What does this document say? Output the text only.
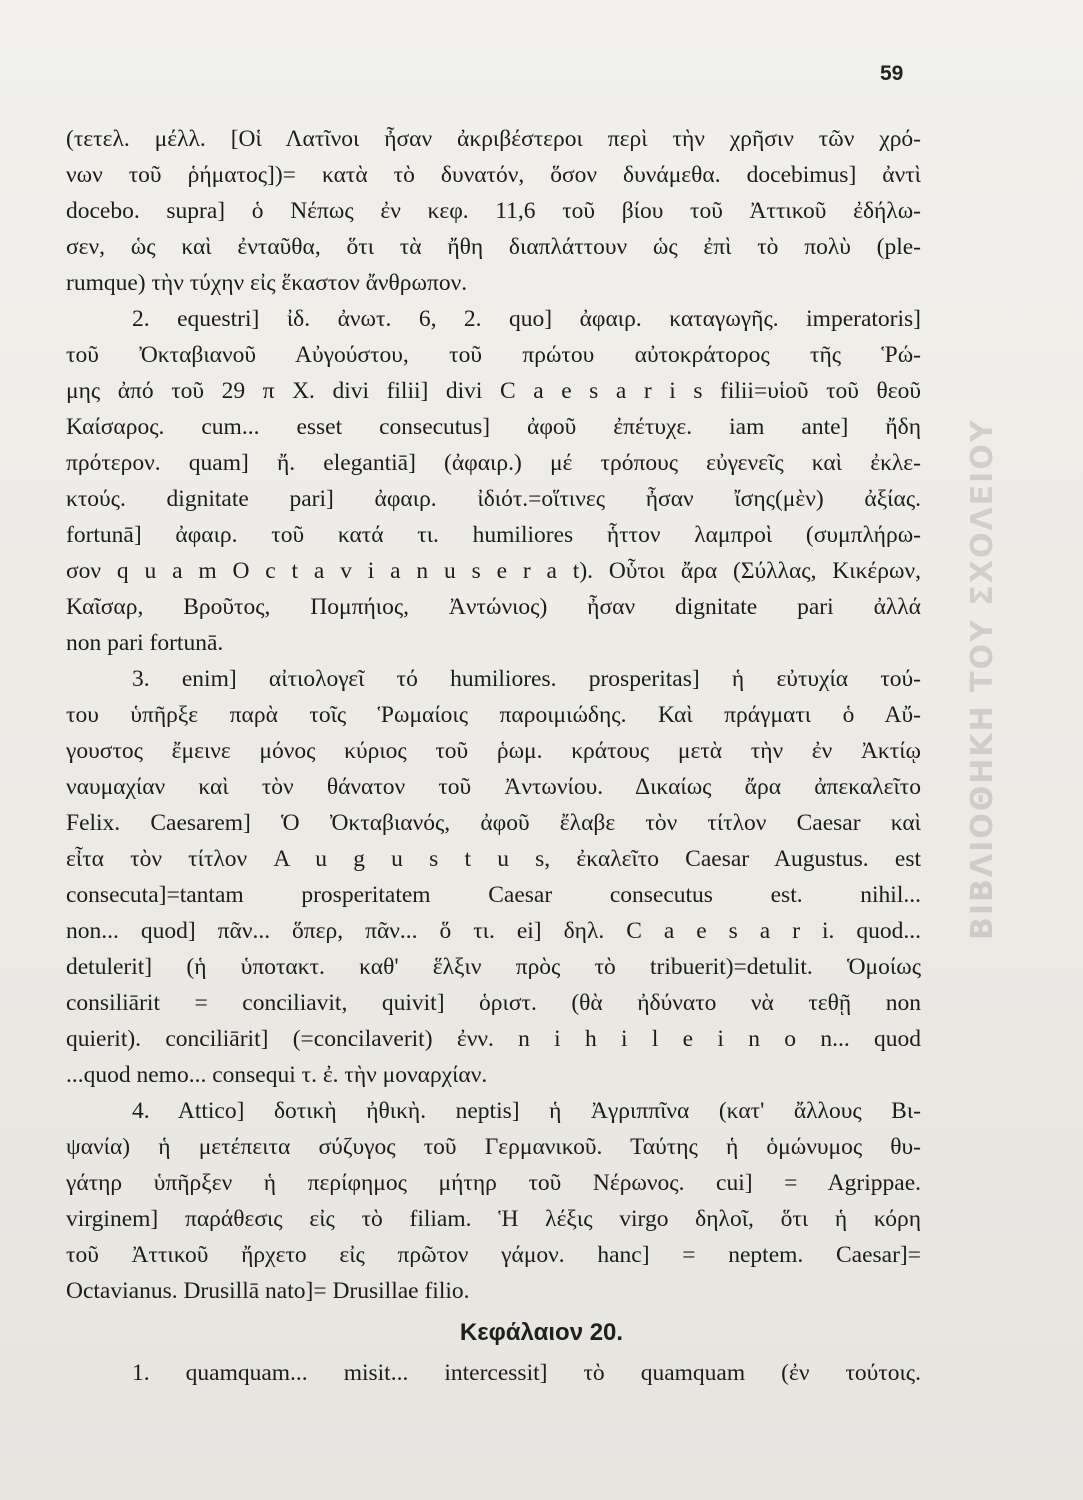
59
(τετελ. μέλλ. [Οἱ Λατῖνοι ἦσαν ἀκριβέστεροι περὶ τὴν χρῆσιν τῶν χρό-
νων τοῦ ῥήματος])= κατὰ τὸ δυνατόν, ὅσον δυνάμεθα. docebimus] ἀντὶ
docebo. supra] ὁ Νέπως ἐν κεφ. 11,6 τοῦ βίου τοῦ Ἀττικοῦ ἐδήλω-
σεν, ὡς καὶ ἐνταῦθα, ὅτι τὰ ἤθη διαπλάττουν ὡς ἐπὶ τὸ πολὺ (ple-
rumque) τὴν τύχην εἰς ἕκαστον ἄνθρωπον.
2. equestri] ἰδ. ἀνωτ. 6, 2. quo] ἀφαιρ. καταγωγῆς. imperatoris]
τοῦ Ὀκταβιανοῦ Αὐγούστου, τοῦ πρώτου αὐτοκράτορος τῆς Ῥώ-
μης ἀπό τοῦ 29 π Χ. divi filii] divi C a e s a r i s filii=υἱοῦ τοῦ θεοῦ
Καίσαρος. cum... esset consecutus] ἀφοῦ ἐπέτυχε. iam ante] ἤδη
πρότερον. quam] ἤ. elegantiā] (ἀφαιρ.) μέ τρόπους εὐγενεῖς καὶ ἐκλε-
κτούς. dignitate pari] ἀφαιρ. ἰδιότ.=οἵτινες ἦσαν ἴσης(μὲν) ἀξίας.
fortunā] ἀφαιρ. τοῦ κατά τι. humiliores ἧττον λαμπροὶ (συμπλήρω-
σον q u a m O c t a v i a n u s e r a t). Οὗτοι ἄρα (Σύλλας, Κικέρων,
Καῖσαρ, Βροῦτος, Πομπήιος, Ἀντώνιος) ἦσαν dignitate pari ἀλλά
non pari fortunā.
3. enim] αἰτιολογεῖ τό humiliores. prosperitas] ἡ εὐτυχία τού-
του ὑπῆρξε παρὰ τοῖς Ῥωμαίοις παροιμιώδης. Καὶ πράγματι ὁ Αὔ-
γουστος ἔμεινε μόνος κύριος τοῦ ῥωμ. κράτους μετὰ τὴν ἐν Ἀκτίῳ
ναυμαχίαν καὶ τὸν θάνατον τοῦ Ἀντωνίου. Δικαίως ἄρα ἀπεκαλεῖτο
Felix. Caesarem] Ὁ Ὀκταβιανός, ἀφοῦ ἔλαβε τὸν τίτλον Caesar καὶ
εἶτα τὸν τίτλον A u g u s t u s, ἐκαλεῖτο Caesar Augustus. est
consecuta]=tantam prosperitatem Caesar consecutus est. nihil...
non... quod] πᾶν... ὅπερ, πᾶν... ὅ τι. ei] δηλ. C a e s a r i. quod...
detulerit] (ἡ ὑποτακτ. καθ' ἕλξιν πρὸς τὸ tribuerit)=detulit. Ὁμοίως
consiliārit = conciliavit, quivit] ὁριστ. (θὰ ἠδύνατο νὰ τεθῇ non
quierit). conciliārit] (=concilaverit) ἐνν. n i h i l e i n o n... quod
...quod nemo... consequi τ. ἐ. τὴν μοναρχίαν.
4. Attico] δοτικὴ ἠθικὴ. neptis] ἡ Ἀγριππῖνα (κατ' ἄλλους Βι-
ψανία) ἡ μετέπειτα σύζυγος τοῦ Γερμανικοῦ. Ταύτης ἡ ὁμώνυμος θυ-
γάτηρ ὑπῆρξεν ἡ περίφημος μήτηρ τοῦ Νέρωνος. cui] = Agrippae.
virginem] παράθεσις εἰς τὸ filiam. Ἡ λέξις virgo δηλοῖ, ὅτι ἡ κόρη
τοῦ Ἀττικοῦ ἤρχετο εἰς πρῶτον γάμον. hanc] = neptem. Caesar]=
Octavianus. Drusillā nato]= Drusillae filio.
Κεφάλαιον 20.
1. quamquam... misit... intercessit] τὸ quamquam (ἐν τούτοις.
ΒΙΒΛΙΟΘΗΚΗ ΤΟΥ ΣΧΟΛΕΙΟΥ
